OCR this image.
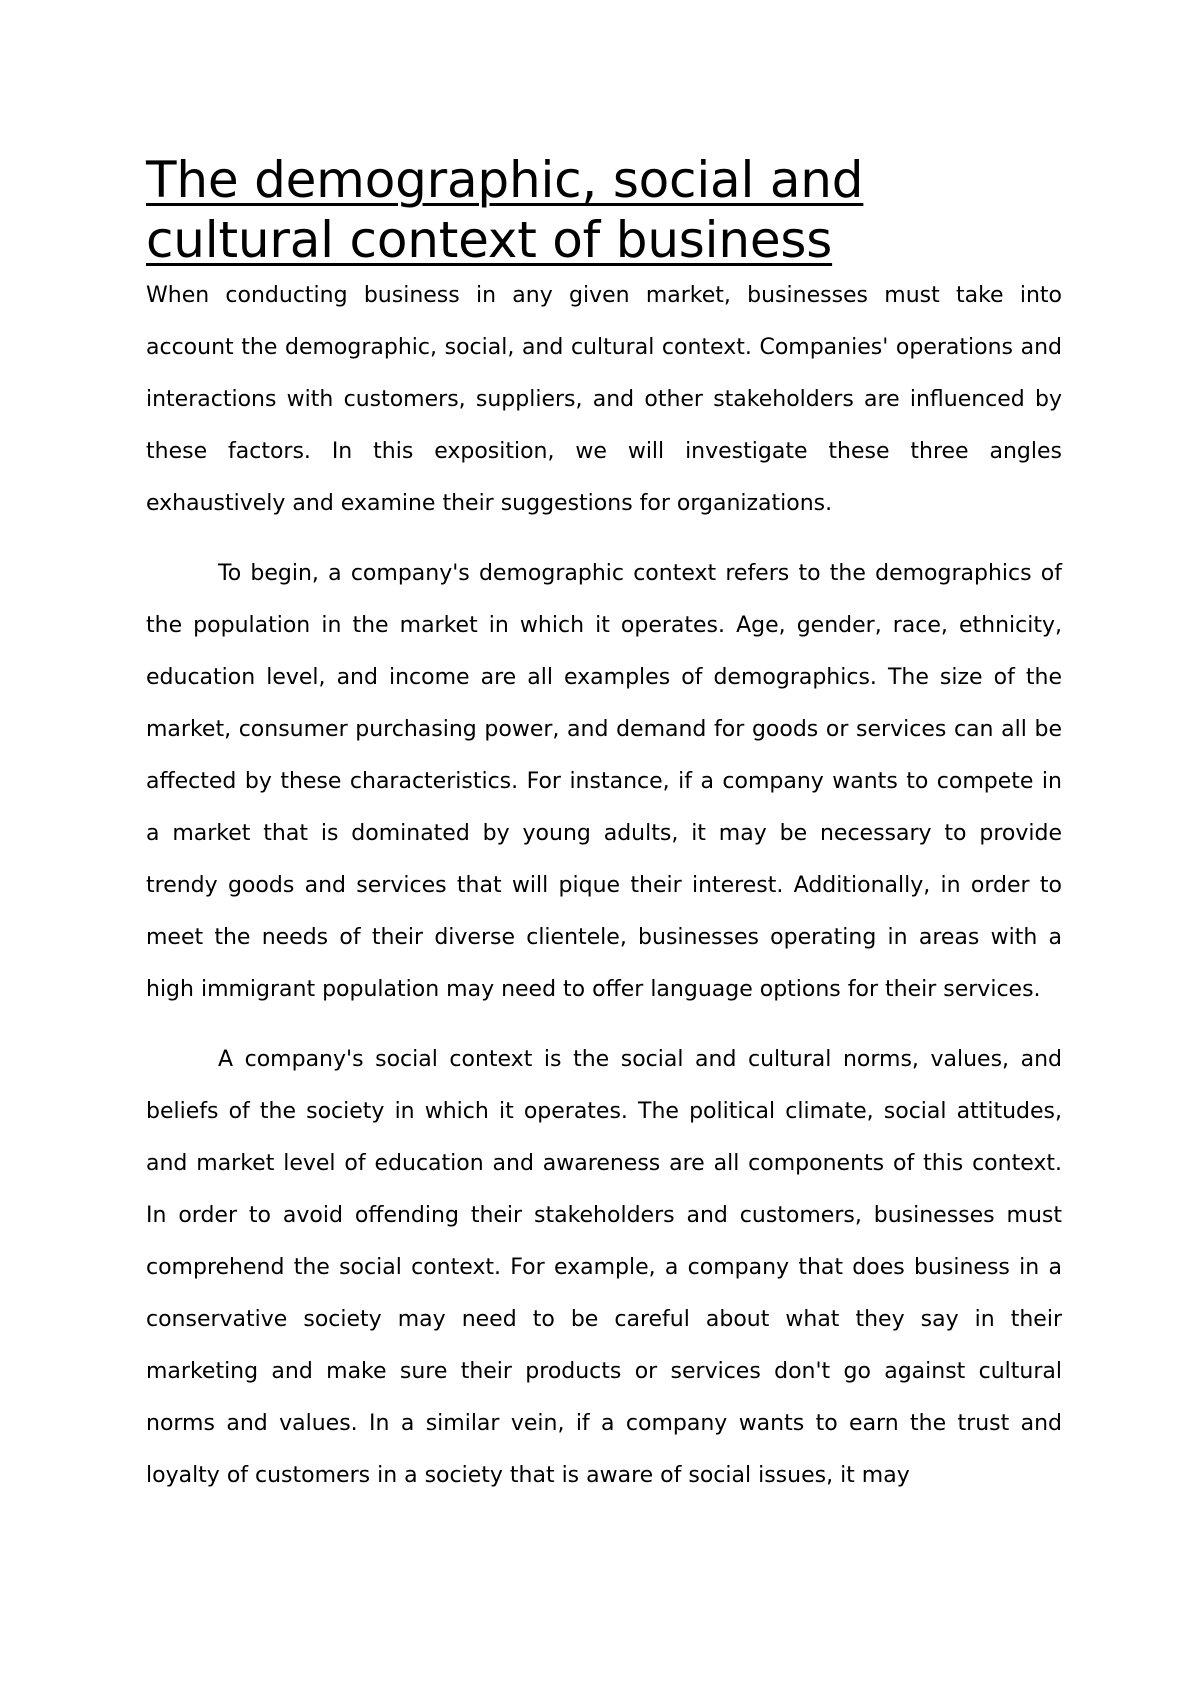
The demographic, social and cultural context of business

When conducting business in any given market, businesses must take into account the demographic, social, and cultural context. Companies' operations and interactions with customers, suppliers, and other stakeholders are influenced by these factors. In this exposition, we will investigate these three angles exhaustively and examine their suggestions for organizations.

To begin, a company's demographic context refers to the demographics of the population in the market in which it operates. Age, gender, race, ethnicity, education level, and income are all examples of demographics. The size of the market, consumer purchasing power, and demand for goods or services can all be affected by these characteristics. For instance, if a company wants to compete in a market that is dominated by young adults, it may be necessary to provide trendy goods and services that will pique their interest. Additionally, in order to meet the needs of their diverse clientele, businesses operating in areas with a high immigrant population may need to offer language options for their services.

A company's social context is the social and cultural norms, values, and beliefs of the society in which it operates. The political climate, social attitudes, and market level of education and awareness are all components of this context. In order to avoid offending their stakeholders and customers, businesses must comprehend the social context. For example, a company that does business in a conservative society may need to be careful about what they say in their marketing and make sure their products or services don't go against cultural norms and values. In a similar vein, if a company wants to earn the trust and loyalty of customers in a society that is aware of social issues, it may
